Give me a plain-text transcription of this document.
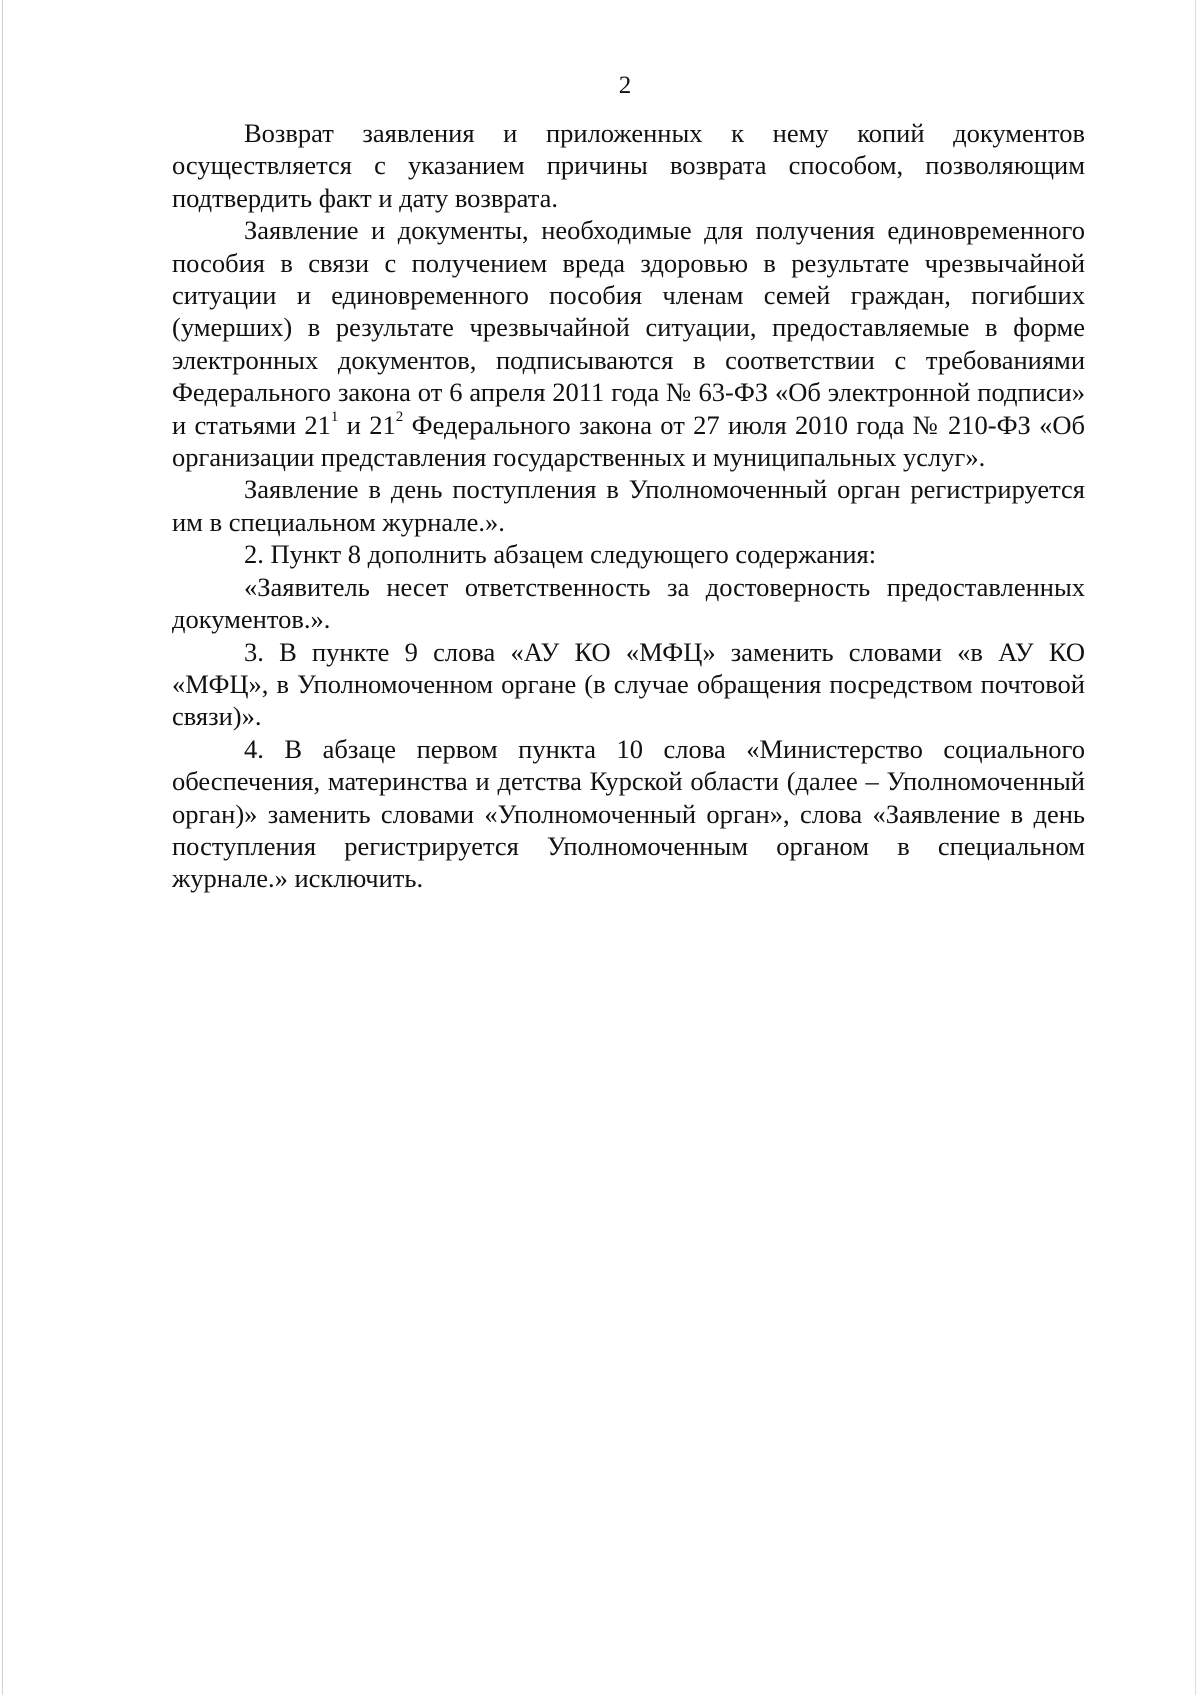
2

Возврат заявления и приложенных к нему копий документов осуществляется с указанием причины возврата способом, позволяющим подтвердить факт и дату возврата.

Заявление и документы, необходимые для получения единовременного пособия в связи с получением вреда здоровью в результате чрезвычайной ситуации и единовременного пособия членам семей граждан, погибших (умерших) в результате чрезвычайной ситуации, предоставляемые в форме электронных документов, подписываются в соответствии с требованиями Федерального закона от 6 апреля 2011 года № 63-ФЗ «Об электронной подписи» и статьями $21^1$ и $21^2$ Федерального закона от 27 июля 2010 года № 210-ФЗ «Об организации представления государственных и муниципальных услуг».

Заявление в день поступления в Уполномоченный орган регистрируется им в специальном журнале.».

2. Пункт 8 дополнить абзацем следующего содержания:

«Заявитель несет ответственность за достоверность предоставленных документов.».

3. В пункте 9 слова «АУ КО «МФЦ» заменить словами «в АУ КО «МФЦ», в Уполномоченном органе (в случае обращения посредством почтовой связи)».

4. В абзаце первом пункта 10 слова «Министерство социального обеспечения, материнства и детства Курской области (далее – Уполномоченный орган)» заменить словами «Уполномоченный орган», слова «Заявление в день поступления регистрируется Уполномоченным органом в специальном журнале.» исключить.
